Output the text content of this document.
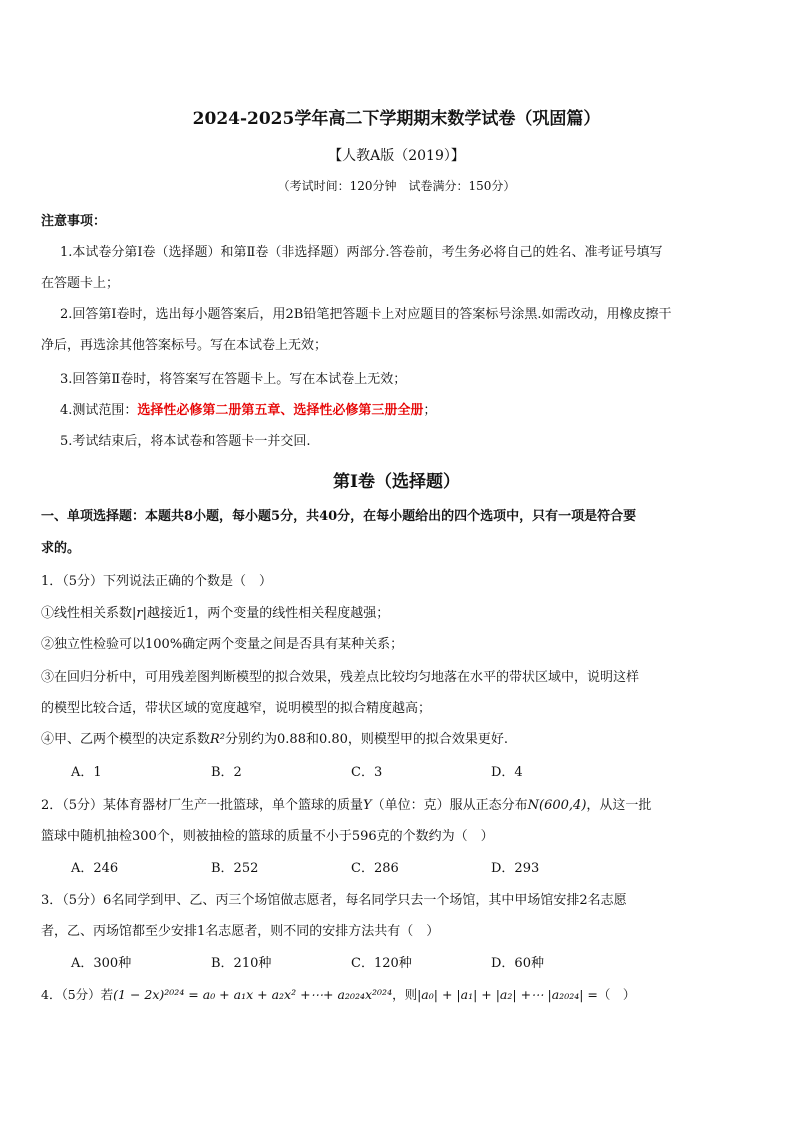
2024-2025学年高二下学期期末数学试卷（巩固篇）
【人教A版（2019）】
（考试时间：120分钟　试卷满分：150分）
注意事项：
1.本试卷分第Ⅰ卷（选择题）和第Ⅱ卷（非选择题）两部分.答卷前，考生务必将自己的姓名、准考证号填写
在答题卡上；
2.回答第Ⅰ卷时，选出每小题答案后，用2B铅笔把答题卡上对应题目的答案标号涂黑.如需改动，用橡皮擦干
净后，再选涂其他答案标号。写在本试卷上无效；
3.回答第Ⅱ卷时，将答案写在答题卡上。写在本试卷上无效；
4.测试范围：选择性必修第二册第五章、选择性必修第三册全册；
5.考试结束后，将本试卷和答题卡一并交回.
第Ⅰ卷（选择题）
一、单项选择题：本题共8小题，每小题5分，共40分，在每小题给出的四个选项中，只有一项是符合要
求的。
1．（5分）下列说法正确的个数是（　）
①线性相关系数|r|越接近1，两个变量的线性相关程度越强；
②独立性检验可以100%确定两个变量之间是否具有某种关系；
③在回归分析中，可用残差图判断模型的拟合效果，残差点比较均匀地落在水平的带状区域中，说明这样
的模型比较合适，带状区域的宽度越窄，说明模型的拟合精度越高；
④甲、乙两个模型的决定系数R²分别约为0.88和0.80，则模型甲的拟合效果更好.
A．1	B．2	C．3	D．4
2．（5分）某体育器材厂生产一批篮球，单个篮球的质量Y（单位：克）服从正态分布N(600,4)，从这一批
篮球中随机抽检300个，则被抽检的篮球的质量不小于596克的个数约为（　）
A．246	B．252	C．286	D．293
3．（5分）6名同学到甲、乙、丙三个场馆做志愿者，每名同学只去一个场馆，其中甲场馆安排2名志愿
者，乙、丙场馆都至少安排1名志愿者，则不同的安排方法共有（　）
A．300种	B．210种	C．120种	D．60种
4．（5分）若(1 − 2x)²⁰²⁴ = a₀ + a₁x + a₂x² +⋯+ a₂₀₂₄x²⁰²⁴，则|a₀| + |a₁| + |a₂| +⋯ |a₂₀₂₄| =（　）
